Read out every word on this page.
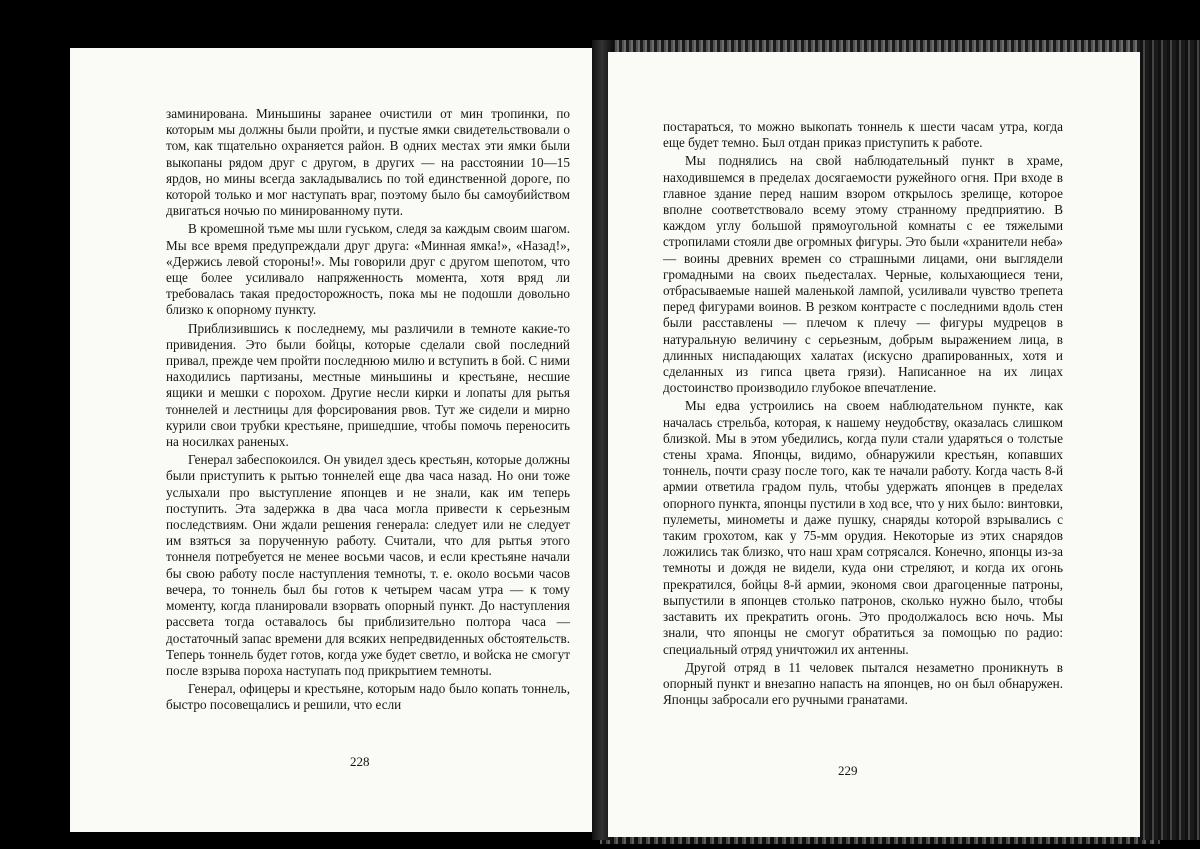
заминирована. Миньшины заранее очистили от мин тропинки, по которым мы должны были пройти, и пустые ямки свидетельствовали о том, как тщательно охраняется район. В одних местах эти ямки были выкопаны рядом друг с другом, в других — на расстоянии 10—15 ярдов, но мины всегда закладывались по той единственной дороге, по которой только и мог наступать враг, поэтому было бы самоубийством двигаться ночью по минированному пути.

В кромешной тьме мы шли гуськом, следя за каждым своим шагом. Мы все время предупреждали друг друга: «Минная ямка!», «Назад!», «Держись левой стороны!». Мы говорили друг с другом шепотом, что еще более усиливало напряженность момента, хотя вряд ли требовалась такая предосторожность, пока мы не подошли довольно близко к опорному пункту.

Приблизившись к последнему, мы различили в темноте какие-то привидения. Это были бойцы, которые сделали свой последний привал, прежде чем пройти последнюю милю и вступить в бой. С ними находились партизаны, местные миньшины и крестьяне, несшие ящики и мешки с порохом. Другие несли кирки и лопаты для рытья тоннелей и лестницы для форсирования рвов. Тут же сидели и мирно курили свои трубки крестьяне, пришедшие, чтобы помочь переносить на носилках раненых.

Генерал забеспокоился. Он увидел здесь крестьян, которые должны были приступить к рытью тоннелей еще два часа назад. Но они тоже услыхали про выступление японцев и не знали, как им теперь поступить. Эта задержка в два часа могла привести к серьезным последствиям. Они ждали решения генерала: следует или не следует им взяться за порученную работу. Считали, что для рытья этого тоннеля потребуется не менее восьми часов, и если крестьяне начали бы свою работу после наступления темноты, т. е. около восьми часов вечера, то тоннель был бы готов к четырем часам утра — к тому моменту, когда планировали взорвать опорный пункт. До наступления рассвета тогда оставалось бы приблизительно полтора часа — достаточный запас времени для всяких непредвиденных обстоятельств. Теперь тоннель будет готов, когда уже будет светло, и войска не смогут после взрыва пороха наступать под прикрытием темноты.

Генерал, офицеры и крестьяне, которым надо было копать тоннель, быстро посовещались и решили, что если

228

постараться, то можно выкопать тоннель к шести часам утра, когда еще будет темно. Был отдан приказ приступить к работе.

Мы поднялись на свой наблюдательный пункт в храме, находившемся в пределах досягаемости ружейного огня. При входе в главное здание перед нашим взором открылось зрелище, которое вполне соответствовало всему этому странному предприятию. В каждом углу большой прямоугольной комнаты с ее тяжелыми стропилами стояли две огромных фигуры. Это были «хранители неба» — воины древних времен со страшными лицами, они выглядели громадными на своих пьедесталах. Черные, колыхающиеся тени, отбрасываемые нашей маленькой лампой, усиливали чувство трепета перед фигурами воинов. В резком контрасте с последними вдоль стен были расставлены — плечом к плечу — фигуры мудрецов в натуральную величину с серьезным, добрым выражением лица, в длинных ниспадающих халатах (искусно драпированных, хотя и сделанных из гипса цвета грязи). Написанное на их лицах достоинство производило глубокое впечатление.

Мы едва устроились на своем наблюдательном пункте, как началась стрельба, которая, к нашему неудобству, оказалась слишком близкой. Мы в этом убедились, когда пули стали ударяться о толстые стены храма. Японцы, видимо, обнаружили крестьян, копавших тоннель, почти сразу после того, как те начали работу. Когда часть 8-й армии ответила градом пуль, чтобы удержать японцев в пределах опорного пункта, японцы пустили в ход все, что у них было: винтовки, пулеметы, минометы и даже пушку, снаряды которой взрывались с таким грохотом, как у 75-мм орудия. Некоторые из этих снарядов ложились так близко, что наш храм сотрясался. Конечно, японцы из-за темноты и дождя не видели, куда они стреляют, и когда их огонь прекратился, бойцы 8-й армии, экономя свои драгоценные патроны, выпустили в японцев столько патронов, сколько нужно было, чтобы заставить их прекратить огонь. Это продолжалось всю ночь. Мы знали, что японцы не смогут обратиться за помощью по радио: специальный отряд уничтожил их антенны.

Другой отряд в 11 человек пытался незаметно проникнуть в опорный пункт и внезапно напасть на японцев, но он был обнаружен. Японцы забросали его ручными гранатами.

229
